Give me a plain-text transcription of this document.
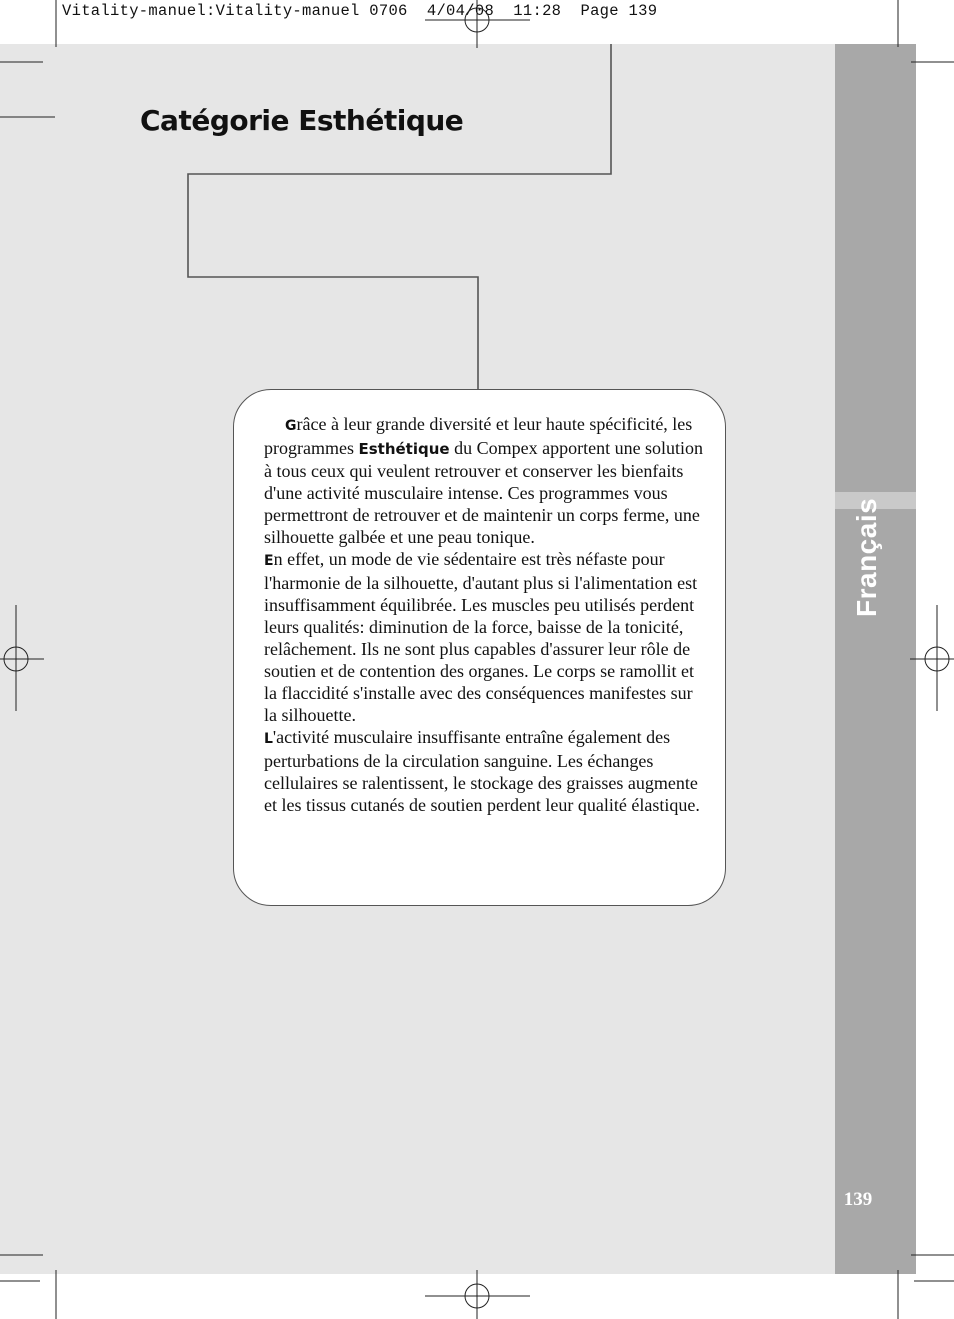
Vitality-manuel:Vitality-manuel 0706  4/04/08  11:28  Page 139
Français
139
Catégorie Esthétique

Grâce à leur grande diversité et leur haute spécificité, les programmes Esthétique du Compex apportent une solution à tous ceux qui veulent retrouver et conserver les bienfaits d'une activité musculaire intense. Ces programmes vous permettront de retrouver et de maintenir un corps ferme, une silhouette galbée et une peau tonique.

En effet, un mode de vie sédentaire est très néfaste pour l'harmonie de la silhouette, d'autant plus si l'alimentation est insuffisamment équilibrée. Les muscles peu utilisés perdent leurs qualités: diminution de la force, baisse de la tonicité, relâchement. Ils ne sont plus capables d'assurer leur rôle de soutien et de contention des organes. Le corps se ramollit et la flaccidité s'installe avec des conséquences manifestes sur la silhouette.

L'activité musculaire insuffisante entraîne également des perturbations de la circulation sanguine. Les échanges cellulaires se ralentissent, le stockage des graisses augmente et les tissus cutanés de soutien perdent leur qualité élastique.
